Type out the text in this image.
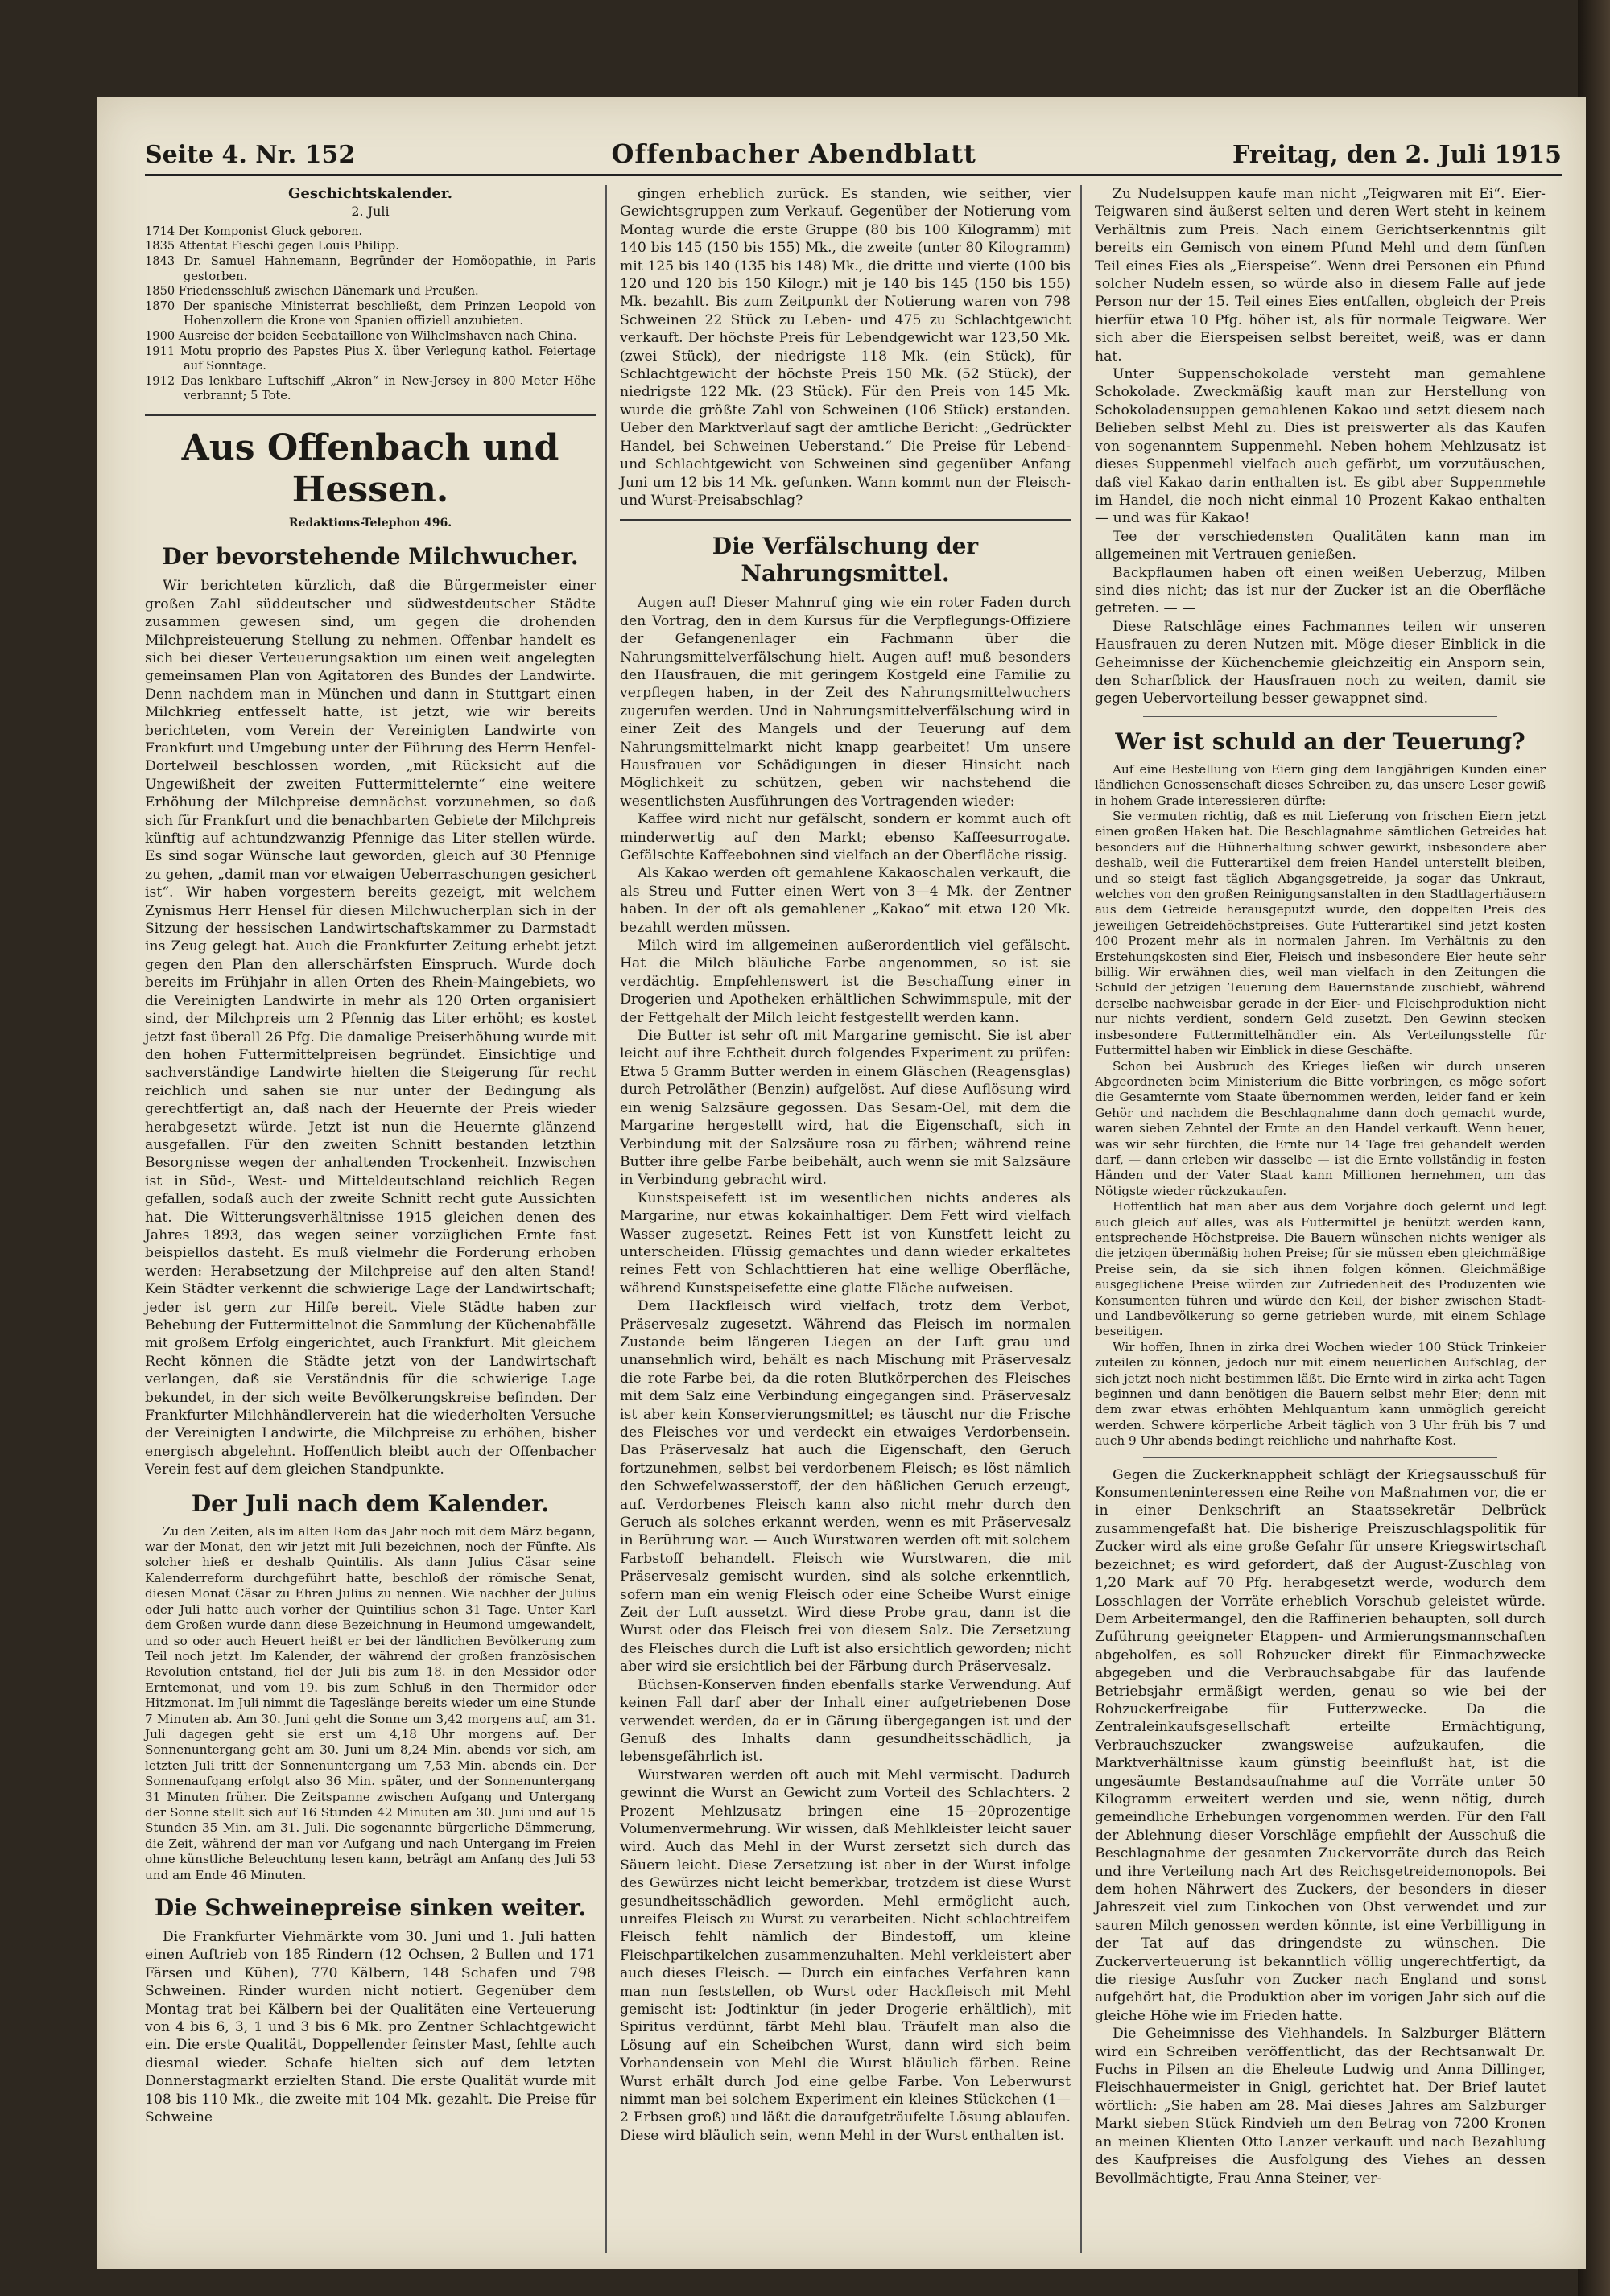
Seite 4. Nr. 152	Offenbacher Abendblatt	Freitag, den 2. Juli 1915
Geschichtskalender.
2. Juli
1714 Der Komponist Gluck geboren.
1835 Attentat Fieschi gegen Louis Philipp.
1843 Dr. Samuel Hahnemann, Begründer der Homöopathie, in Paris gestorben.
1850 Friedensschluß zwischen Dänemark und Preußen.
1870 Der spanische Ministerrat beschließt, dem Prinzen Leopold von Hohenzollern die Krone von Spanien offiziell anzubieten.
1900 Ausreise der beiden Seebataillone von Wilhelmshaven nach China.
1911 Motu proprio des Papstes Pius X. über Verlegung kathol. Feiertage auf Sonntage.
1912 Das lenkbare Luftschiff „Akron“ in New-Jersey in 800 Meter Höhe verbrannt; 5 Tote.
Aus Offenbach und Hessen.
Redaktions-Telephon 496.
Der bevorstehende Milchwucher.

Wir berichteten kürzlich, daß die Bürgermeister einer großen Zahl süddeutscher und südwestdeutscher Städte zusammen gewesen sind, um gegen die drohenden Milchpreisteuerung Stellung zu nehmen. Offenbar handelt es sich bei dieser Verteuerungsaktion um einen weit angelegten gemeinsamen Plan von Agitatoren des Bundes der Landwirte. Denn nachdem man in München und dann in Stuttgart einen Milchkrieg entfesselt hatte, ist jetzt, wie wir bereits berichteten, vom Verein der Vereinigten Landwirte von Frankfurt und Umgebung unter der Führung des Herrn Henfel-Dortelweil beschlossen worden, „mit Rücksicht auf die Ungewißheit der zweiten Futtermittelernte“ eine weitere Erhöhung der Milchpreise demnächst vorzunehmen, so daß sich für Frankfurt und die benachbarten Gebiete der Milchpreis künftig auf achtundzwanzig Pfennige das Liter stellen würde. Es sind sogar Wünsche laut geworden, gleich auf 30 Pfennige zu gehen, „damit man vor etwaigen Ueberraschungen gesichert ist“. Wir haben vorgestern bereits gezeigt, mit welchem Zynismus Herr Hensel für diesen Milchwucherplan sich in der Sitzung der hessischen Landwirtschaftskammer zu Darmstadt ins Zeug gelegt hat. Auch die Frankfurter Zeitung erhebt jetzt gegen den Plan den allerschärfsten Einspruch. Wurde doch bereits im Frühjahr in allen Orten des Rhein-Maingebiets, wo die Vereinigten Landwirte in mehr als 120 Orten organisiert sind, der Milchpreis um 2 Pfennig das Liter erhöht; es kostet jetzt fast überall 26 Pfg. Die damalige Preiserhöhung wurde mit den hohen Futtermittelpreisen begründet. Einsichtige und sachverständige Landwirte hielten die Steigerung für recht reichlich und sahen sie nur unter der Bedingung als gerechtfertigt an, daß nach der Heuernte der Preis wieder herabgesetzt würde. Jetzt ist nun die Heuernte glänzend ausgefallen. Für den zweiten Schnitt bestanden letzthin Besorgnisse wegen der anhaltenden Trockenheit. Inzwischen ist in Süd-, West- und Mitteldeutschland reichlich Regen gefallen, sodaß auch der zweite Schnitt recht gute Aussichten hat. Die Witterungsverhältnisse 1915 gleichen denen des Jahres 1893, das wegen seiner vorzüglichen Ernte fast beispiellos dasteht. Es muß vielmehr die Forderung erhoben werden: Herabsetzung der Milchpreise auf den alten Stand! Kein Städter verkennt die schwierige Lage der Landwirtschaft; jeder ist gern zur Hilfe bereit. Viele Städte haben zur Behebung der Futtermittelnot die Sammlung der Küchenabfälle mit großem Erfolg eingerichtet, auch Frankfurt. Mit gleichem Recht können die Städte jetzt von der Landwirtschaft verlangen, daß sie Verständnis für die schwierige Lage bekundet, in der sich weite Bevölkerungskreise befinden. Der Frankfurter Milchhändlerverein hat die wiederholten Versuche der Vereinigten Landwirte, die Milchpreise zu erhöhen, bisher energisch abgelehnt. Hoffentlich bleibt auch der Offenbacher Verein fest auf dem gleichen Standpunkte.

Der Juli nach dem Kalender.

Zu den Zeiten, als im alten Rom das Jahr noch mit dem März begann, war der Monat, den wir jetzt mit Juli bezeichnen, noch der Fünfte. Als solcher hieß er deshalb Quintilis. Als dann Julius Cäsar seine Kalenderreform durchgeführt hatte, beschloß der römische Senat, diesen Monat Cäsar zu Ehren Julius zu nennen. Wie nachher der Julius oder Juli hatte auch vorher der Quintilius schon 31 Tage. Unter Karl dem Großen wurde dann diese Bezeichnung in Heumond umgewandelt, und so oder auch Heuert heißt er bei der ländlichen Bevölkerung zum Teil noch jetzt. Im Kalender, der während der großen französischen Revolution entstand, fiel der Juli bis zum 18. in den Messidor oder Erntemonat, und vom 19. bis zum Schluß in den Thermidor oder Hitzmonat. Im Juli nimmt die Tageslänge bereits wieder um eine Stunde 7 Minuten ab. Am 30. Juni geht die Sonne um 3,42 morgens auf, am 31. Juli dagegen geht sie erst um 4,18 Uhr morgens auf. Der Sonnenuntergang geht am 30. Juni um 8,24 Min. abends vor sich, am letzten Juli tritt der Sonnenuntergang um 7,53 Min. abends ein. Der Sonnenaufgang erfolgt also 36 Min. später, und der Sonnenuntergang 31 Minuten früher. Die Zeitspanne zwischen Aufgang und Untergang der Sonne stellt sich auf 16 Stunden 42 Minuten am 30. Juni und auf 15 Stunden 35 Min. am 31. Juli. Die sogenannte bürgerliche Dämmerung, die Zeit, während der man vor Aufgang und nach Untergang im Freien ohne künstliche Beleuchtung lesen kann, beträgt am Anfang des Juli 53 und am Ende 46 Minuten.

Die Schweinepreise sinken weiter.

Die Frankfurter Viehmärkte vom 30. Juni und 1. Juli hatten einen Auftrieb von 185 Rindern (12 Ochsen, 2 Bullen und 171 Färsen und Kühen), 770 Kälbern, 148 Schafen und 798 Schweinen. Rinder wurden nicht notiert. Gegenüber dem Montag trat bei Kälbern bei der Qualitäten eine Verteuerung von 4 bis 6, 3, 1 und 3 bis 6 Mk. pro Zentner Schlachtgewicht ein. Die erste Qualität, Doppellender feinster Mast, fehlte auch diesmal wieder. Schafe hielten sich auf dem letzten Donnerstagmarkt erzielten Stand. Die erste Qualität wurde mit 108 bis 110 Mk., die zweite mit 104 Mk. gezahlt. Die Preise für Schweine

gingen erheblich zurück. Es standen, wie seither, vier Gewichtsgruppen zum Verkauf. Gegenüber der Notierung vom Montag wurde die erste Gruppe (80 bis 100 Kilogramm) mit 140 bis 145 (150 bis 155) Mk., die zweite (unter 80 Kilogramm) mit 125 bis 140 (135 bis 148) Mk., die dritte und vierte (100 bis 120 und 120 bis 150 Kilogr.) mit je 140 bis 145 (150 bis 155) Mk. bezahlt. Bis zum Zeitpunkt der Notierung waren von 798 Schweinen 22 Stück zu Leben- und 475 zu Schlachtgewicht verkauft. Der höchste Preis für Lebendgewicht war 123,50 Mk. (zwei Stück), der niedrigste 118 Mk. (ein Stück), für Schlachtgewicht der höchste Preis 150 Mk. (52 Stück), der niedrigste 122 Mk. (23 Stück). Für den Preis von 145 Mk. wurde die größte Zahl von Schweinen (106 Stück) erstanden. Ueber den Marktverlauf sagt der amtliche Bericht: „Gedrückter Handel, bei Schweinen Ueberstand.“ Die Preise für Lebend- und Schlachtgewicht von Schweinen sind gegenüber Anfang Juni um 12 bis 14 Mk. gefunken. Wann kommt nun der Fleisch- und Wurst-Preisabschlag?

Die Verfälschung der Nahrungsmittel.

Augen auf! Dieser Mahnruf ging wie ein roter Faden durch den Vortrag, den in dem Kursus für die Verpflegungs-Offiziere der Gefangenenlager ein Fachmann über die Nahrungsmittelverfälschung hielt. Augen auf! muß besonders den Hausfrauen, die mit geringem Kostgeld eine Familie zu verpflegen haben, in der Zeit des Nahrungsmittelwuchers zugerufen werden. Und in Nahrungsmittelverfälschung wird in einer Zeit des Mangels und der Teuerung auf dem Nahrungsmittelmarkt nicht knapp gearbeitet! Um unsere Hausfrauen vor Schädigungen in dieser Hinsicht nach Möglichkeit zu schützen, geben wir nachstehend die wesentlichsten Ausführungen des Vortragenden wieder:

Kaffee wird nicht nur gefälscht, sondern er kommt auch oft minderwertig auf den Markt; ebenso Kaffeesurrogate. Gefälschte Kaffeebohnen sind vielfach an der Oberfläche rissig.

Als Kakao werden oft gemahlene Kakaoschalen verkauft, die als Streu und Futter einen Wert von 3—4 Mk. der Zentner haben. In der oft als gemahlener „Kakao“ mit etwa 120 Mk. bezahlt werden müssen.

Milch wird im allgemeinen außerordentlich viel gefälscht. Hat die Milch bläuliche Farbe angenommen, so ist sie verdächtig. Empfehlenswert ist die Beschaffung einer in Drogerien und Apotheken erhältlichen Schwimmspule, mit der der Fettgehalt der Milch leicht festgestellt werden kann.

Die Butter ist sehr oft mit Margarine gemischt. Sie ist aber leicht auf ihre Echtheit durch folgendes Experiment zu prüfen: Etwa 5 Gramm Butter werden in einem Gläschen (Reagensglas) durch Petroläther (Benzin) aufgelöst. Auf diese Auflösung wird ein wenig Salzsäure gegossen. Das Sesam-Oel, mit dem die Margarine hergestellt wird, hat die Eigenschaft, sich in Verbindung mit der Salzsäure rosa zu färben; während reine Butter ihre gelbe Farbe beibehält, auch wenn sie mit Salzsäure in Verbindung gebracht wird.

Kunstspeisefett ist im wesentlichen nichts anderes als Margarine, nur etwas kokainhaltiger. Dem Fett wird vielfach Wasser zugesetzt. Reines Fett ist von Kunstfett leicht zu unterscheiden. Flüssig gemachtes und dann wieder erkaltetes reines Fett von Schlachttieren hat eine wellige Oberfläche, während Kunstspeisefette eine glatte Fläche aufweisen.

Dem Hackfleisch wird vielfach, trotz dem Verbot, Präservesalz zugesetzt. Während das Fleisch im normalen Zustande beim längeren Liegen an der Luft grau und unansehnlich wird, behält es nach Mischung mit Präservesalz die rote Farbe bei, da die roten Blutkörperchen des Fleisches mit dem Salz eine Verbindung eingegangen sind. Präservesalz ist aber kein Konservierungsmittel; es täuscht nur die Frische des Fleisches vor und verdeckt ein etwaiges Verdorbensein. Das Präservesalz hat auch die Eigenschaft, den Geruch fortzunehmen, selbst bei verdorbenem Fleisch; es löst nämlich den Schwefelwasserstoff, der den häßlichen Geruch erzeugt, auf. Verdorbenes Fleisch kann also nicht mehr durch den Geruch als solches erkannt werden, wenn es mit Präservesalz in Berührung war. — Auch Wurstwaren werden oft mit solchem Farbstoff behandelt. Fleisch wie Wurstwaren, die mit Präservesalz gemischt wurden, sind als solche erkenntlich, sofern man ein wenig Fleisch oder eine Scheibe Wurst einige Zeit der Luft aussetzt. Wird diese Probe grau, dann ist die Wurst oder das Fleisch frei von diesem Salz. Die Zersetzung des Fleisches durch die Luft ist also ersichtlich geworden; nicht aber wird sie ersichtlich bei der Färbung durch Präservesalz.

Büchsen-Konserven finden ebenfalls starke Verwendung. Auf keinen Fall darf aber der Inhalt einer aufgetriebenen Dose verwendet werden, da er in Gärung übergegangen ist und der Genuß des Inhalts dann gesundheitsschädlich, ja lebensgefährlich ist.

Wurstwaren werden oft auch mit Mehl vermischt. Dadurch gewinnt die Wurst an Gewicht zum Vorteil des Schlachters. 2 Prozent Mehlzusatz bringen eine 15—20prozentige Volumenvermehrung. Wir wissen, daß Mehlkleister leicht sauer wird. Auch das Mehl in der Wurst zersetzt sich durch das Säuern leicht. Diese Zersetzung ist aber in der Wurst infolge des Gewürzes nicht leicht bemerkbar, trotzdem ist diese Wurst gesundheitsschädlich geworden. Mehl ermöglicht auch, unreifes Fleisch zu Wurst zu verarbeiten. Nicht schlachtreifem Fleisch fehlt nämlich der Bindestoff, um kleine Fleischpartikelchen zusammenzuhalten. Mehl verkleistert aber auch dieses Fleisch. — Durch ein einfaches Verfahren kann man nun feststellen, ob Wurst oder Hackfleisch mit Mehl gemischt ist: Jodtinktur (in jeder Drogerie erhältlich), mit Spiritus verdünnt, färbt Mehl blau. Träufelt man also die Lösung auf ein Scheibchen Wurst, dann wird sich beim Vorhandensein von Mehl die Wurst bläulich färben. Reine Wurst erhält durch Jod eine gelbe Farbe. Von Leberwurst nimmt man bei solchem Experiment ein kleines Stückchen (1—2 Erbsen groß) und läßt die daraufgeträufelte Lösung ablaufen. Diese wird bläulich sein, wenn Mehl in der Wurst enthalten ist.

Zu Nudelsuppen kaufe man nicht „Teigwaren mit Ei“. Eier-Teigwaren sind äußerst selten und deren Wert steht in keinem Verhältnis zum Preis. Nach einem Gerichtserkenntnis gilt bereits ein Gemisch von einem Pfund Mehl und dem fünften Teil eines Eies als „Eierspeise“. Wenn drei Personen ein Pfund solcher Nudeln essen, so würde also in diesem Falle auf jede Person nur der 15. Teil eines Eies entfallen, obgleich der Preis hierfür etwa 10 Pfg. höher ist, als für normale Teigware. Wer sich aber die Eierspeisen selbst bereitet, weiß, was er dann hat.

Unter Suppenschokolade versteht man gemahlene Schokolade. Zweckmäßig kauft man zur Herstellung von Schokoladensuppen gemahlenen Kakao und setzt diesem nach Belieben selbst Mehl zu. Dies ist preiswerter als das Kaufen von sogenanntem Suppenmehl. Neben hohem Mehlzusatz ist dieses Suppenmehl vielfach auch gefärbt, um vorzutäuschen, daß viel Kakao darin enthalten ist. Es gibt aber Suppenmehle im Handel, die noch nicht einmal 10 Prozent Kakao enthalten — und was für Kakao!

Tee der verschiedensten Qualitäten kann man im allgemeinen mit Vertrauen genießen.

Backpflaumen haben oft einen weißen Ueberzug, Milben sind dies nicht; das ist nur der Zucker ist an die Oberfläche getreten. — —

Diese Ratschläge eines Fachmannes teilen wir unseren Hausfrauen zu deren Nutzen mit. Möge dieser Einblick in die Geheimnisse der Küchenchemie gleichzeitig ein Ansporn sein, den Scharfblick der Hausfrauen noch zu weiten, damit sie gegen Uebervorteilung besser gewappnet sind.

Wer ist schuld an der Teuerung?

Auf eine Bestellung von Eiern ging dem langjährigen Kunden einer ländlichen Genossenschaft dieses Schreiben zu, das unsere Leser gewiß in hohem Grade interessieren dürfte:

Sie vermuten richtig, daß es mit Lieferung von frischen Eiern jetzt einen großen Haken hat. Die Beschlagnahme sämtlichen Getreides hat besonders auf die Hühnerhaltung schwer gewirkt, insbesondere aber deshalb, weil die Futterartikel dem freien Handel unterstellt bleiben, und so steigt fast täglich Abgangsgetreide, ja sogar das Unkraut, welches von den großen Reinigungsanstalten in den Stadtlagerhäusern aus dem Getreide herausgeputzt wurde, den doppelten Preis des jeweiligen Getreidehöchstpreises. Gute Futterartikel sind jetzt kosten 400 Prozent mehr als in normalen Jahren. Im Verhältnis zu den Erstehungskosten sind Eier, Fleisch und insbesondere Eier heute sehr billig. Wir erwähnen dies, weil man vielfach in den Zeitungen die Schuld der jetzigen Teuerung dem Bauernstande zuschiebt, während derselbe nachweisbar gerade in der Eier- und Fleischproduktion nicht nur nichts verdient, sondern Geld zusetzt. Den Gewinn stecken insbesondere Futtermittelhändler ein. Als Verteilungsstelle für Futtermittel haben wir Einblick in diese Geschäfte.

Schon bei Ausbruch des Krieges ließen wir durch unseren Abgeordneten beim Ministerium die Bitte vorbringen, es möge sofort die Gesamternte vom Staate übernommen werden, leider fand er kein Gehör und nachdem die Beschlagnahme dann doch gemacht wurde, waren sieben Zehntel der Ernte an den Handel verkauft. Wenn heuer, was wir sehr fürchten, die Ernte nur 14 Tage frei gehandelt werden darf, — dann erleben wir dasselbe — ist die Ernte vollständig in festen Händen und der Vater Staat kann Millionen hernehmen, um das Nötigste wieder rückzukaufen.

Hoffentlich hat man aber aus dem Vorjahre doch gelernt und legt auch gleich auf alles, was als Futtermittel je benützt werden kann, entsprechende Höchstpreise. Die Bauern wünschen nichts weniger als die jetzigen übermäßig hohen Preise; für sie müssen eben gleichmäßige Preise sein, da sie sich ihnen folgen können. Gleichmäßige ausgeglichene Preise würden zur Zufriedenheit des Produzenten wie Konsumenten führen und würde den Keil, der bisher zwischen Stadt- und Landbevölkerung so gerne getrieben wurde, mit einem Schlage beseitigen.

Wir hoffen, Ihnen in zirka drei Wochen wieder 100 Stück Trinkeier zuteilen zu können, jedoch nur mit einem neuerlichen Aufschlag, der sich jetzt noch nicht bestimmen läßt. Die Ernte wird in zirka acht Tagen beginnen und dann benötigen die Bauern selbst mehr Eier; denn mit dem zwar etwas erhöhten Mehlquantum kann unmöglich gereicht werden. Schwere körperliche Arbeit täglich von 3 Uhr früh bis 7 und auch 9 Uhr abends bedingt reichliche und nahrhafte Kost.

Gegen die Zuckerknappheit schlägt der Kriegsausschuß für Konsumenteninteressen eine Reihe von Maßnahmen vor, die er in einer Denkschrift an Staatssekretär Delbrück zusammengefaßt hat. Die bisherige Preiszuschlagspolitik für Zucker wird als eine große Gefahr für unsere Kriegswirtschaft bezeichnet; es wird gefordert, daß der August-Zuschlag von 1,20 Mark auf 70 Pfg. herabgesetzt werde, wodurch dem Losschlagen der Vorräte erheblich Vorschub geleistet würde. Dem Arbeitermangel, den die Raffinerien behaupten, soll durch Zuführung geeigneter Etappen- und Armierungsmannschaften abgeholfen, es soll Rohzucker direkt für Einmachzwecke abgegeben und die Verbrauchsabgabe für das laufende Betriebsjahr ermäßigt werden, genau so wie bei der Rohzuckerfreigabe für Futterzwecke. Da die Zentraleinkaufsgesellschaft erteilte Ermächtigung, Verbrauchszucker zwangsweise aufzukaufen, die Marktverhältnisse kaum günstig beeinflußt hat, ist die ungesäumte Bestandsaufnahme auf die Vorräte unter 50 Kilogramm erweitert werden und sie, wenn nötig, durch gemeindliche Erhebungen vorgenommen werden. Für den Fall der Ablehnung dieser Vorschläge empfiehlt der Ausschuß die Beschlagnahme der gesamten Zuckervorräte durch das Reich und ihre Verteilung nach Art des Reichsgetreidemonopols. Bei dem hohen Nährwert des Zuckers, der besonders in dieser Jahreszeit viel zum Einkochen von Obst verwendet und zur sauren Milch genossen werden könnte, ist eine Verbilligung in der Tat auf das dringendste zu wünschen. Die Zuckerverteuerung ist bekanntlich völlig ungerechtfertigt, da die riesige Ausfuhr von Zucker nach England und sonst aufgehört hat, die Produktion aber im vorigen Jahr sich auf die gleiche Höhe wie im Frieden hatte.

Die Geheimnisse des Viehhandels. In Salzburger Blättern wird ein Schreiben veröffentlicht, das der Rechtsanwalt Dr. Fuchs in Pilsen an die Eheleute Ludwig und Anna Dillinger, Fleischhauermeister in Gnigl, gerichtet hat. Der Brief lautet wörtlich: „Sie haben am 28. Mai dieses Jahres am Salzburger Markt sieben Stück Rindvieh um den Betrag von 7200 Kronen an meinen Klienten Otto Lanzer verkauft und nach Bezahlung des Kaufpreises die Ausfolgung des Viehes an dessen Bevollmächtigte, Frau Anna Steiner, ver-
